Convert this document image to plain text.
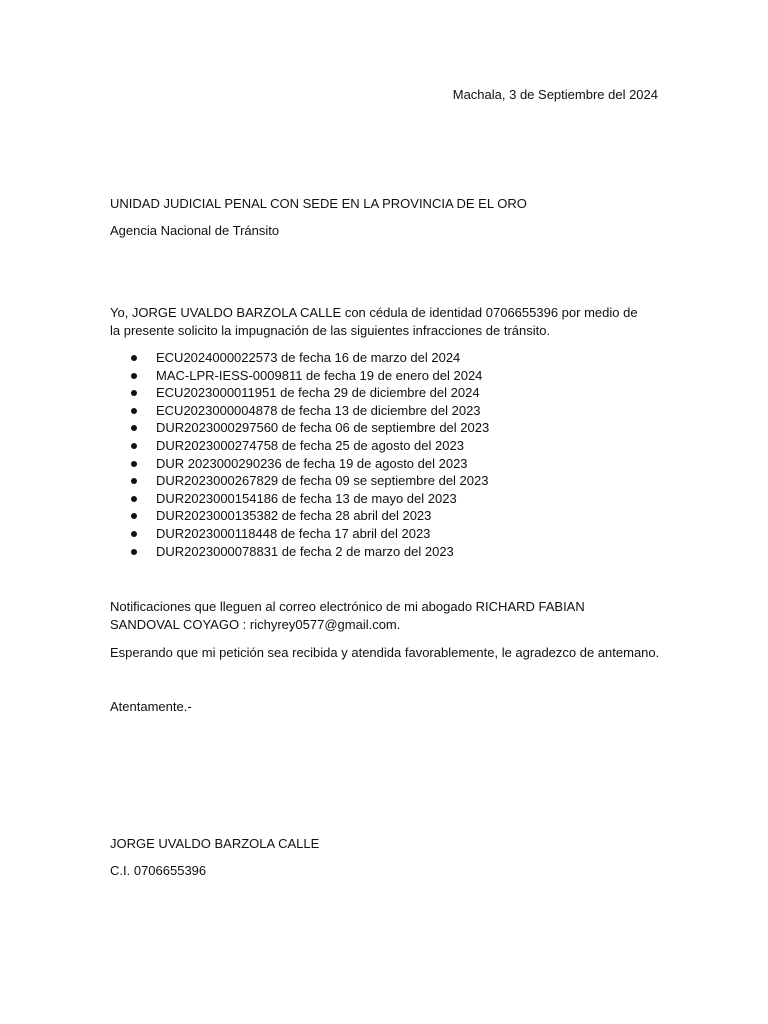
Machala, 3 de Septiembre del 2024
UNIDAD JUDICIAL PENAL CON SEDE EN LA PROVINCIA DE EL ORO
Agencia Nacional de Tránsito
Yo, JORGE UVALDO BARZOLA CALLE con cédula de identidad 0706655396 por medio de la presente solicito la impugnación de las siguientes infracciones de tránsito.
ECU2024000022573 de fecha 16 de marzo del 2024
MAC-LPR-IESS-0009811 de fecha 19 de enero del 2024
ECU2023000011951 de fecha 29 de diciembre del 2024
ECU2023000004878 de fecha 13 de diciembre del 2023
DUR2023000297560 de fecha 06 de septiembre del 2023
DUR2023000274758 de fecha 25 de agosto del 2023
DUR 2023000290236 de fecha 19 de agosto del 2023
DUR2023000267829 de fecha 09 se septiembre del 2023
DUR2023000154186 de fecha 13 de mayo del 2023
DUR2023000135382 de fecha 28 abril del 2023
DUR2023000118448 de fecha 17 abril del 2023
DUR2023000078831 de fecha 2 de marzo del 2023
Notificaciones que lleguen al correo electrónico de mi abogado RICHARD FABIAN SANDOVAL COYAGO : richyrey0577@gmail.com.
Esperando que mi petición sea recibida y atendida favorablemente, le agradezco de antemano.
Atentamente.-
JORGE UVALDO BARZOLA CALLE
C.I. 0706655396
